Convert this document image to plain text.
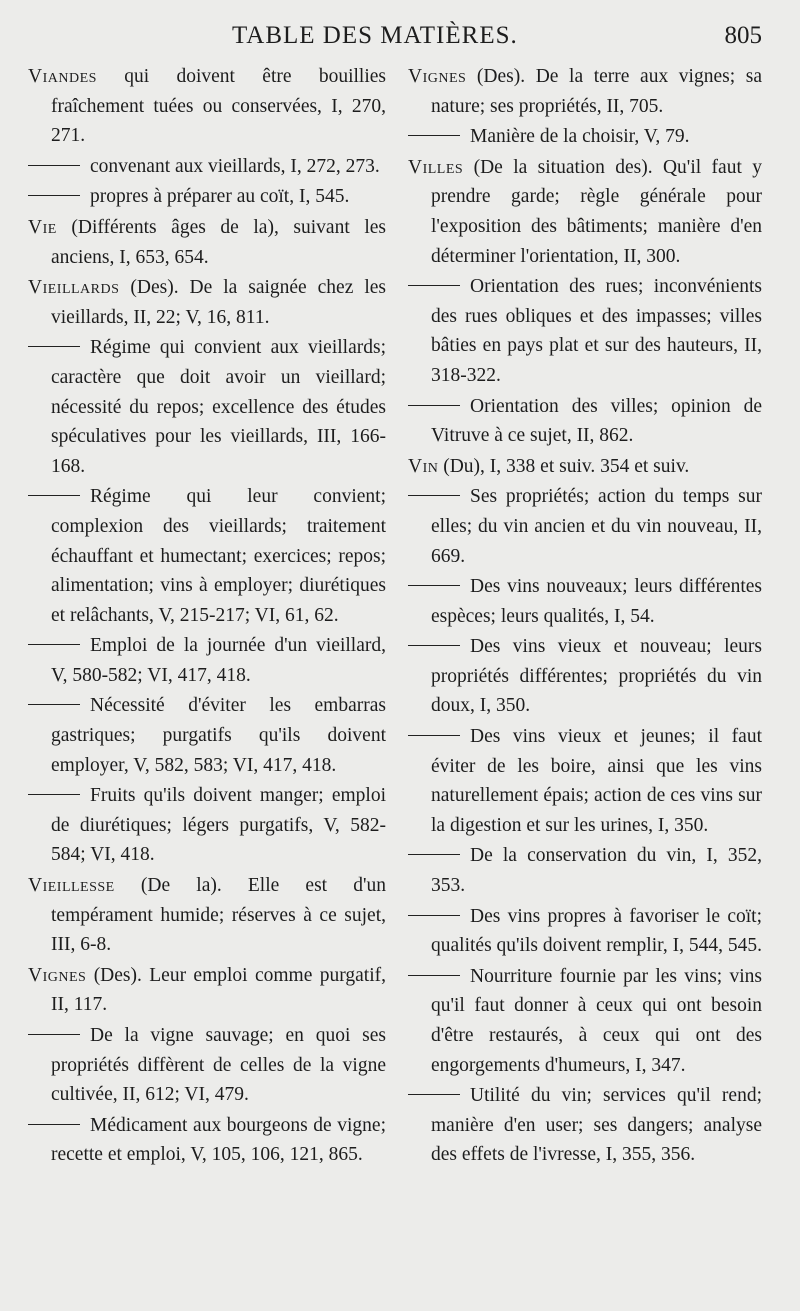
TABLE DES MATIÈRES.	805
Viandes qui doivent être bouillies fraîchement tuées ou conservées, I, 270, 271.
convenant aux vieillards, I, 272, 273.
propres à préparer au coït, I, 545.
Vie (Différents âges de la), suivant les anciens, I, 653, 654.
Vieillards (Des). De la saignée chez les vieillards, II, 22; V, 16, 811.
Régime qui convient aux vieillards; caractère que doit avoir un vieillard; nécessité du repos; excellence des études spéculatives pour les vieillards, III, 166-168.
Régime qui leur convient; complexion des vieillards; traitement échauffant et humectant; exercices; repos; alimentation; vins à employer; diurétiques et relâchants, V, 215-217; VI, 61, 62.
Emploi de la journée d'un vieillard, V, 580-582; VI, 417, 418.
Nécessité d'éviter les embarras gastriques; purgatifs qu'ils doivent employer, V, 582, 583; VI, 417, 418.
Fruits qu'ils doivent manger; emploi de diurétiques; légers purgatifs, V, 582-584; VI, 418.
Vieillesse (De la). Elle est d'un tempérament humide; réserves à ce sujet, III, 6-8.
Vignes (Des). Leur emploi comme purgatif, II, 117.
De la vigne sauvage; en quoi ses propriétés diffèrent de celles de la vigne cultivée, II, 612; VI, 479.
Médicament aux bourgeons de vigne; recette et emploi, V, 105, 106, 121, 865.
Vignes (Des). De la terre aux vignes; sa nature; ses propriétés, II, 705.
Manière de la choisir, V, 79.
Villes (De la situation des). Qu'il faut y prendre garde; règle générale pour l'exposition des bâtiments; manière d'en déterminer l'orientation, II, 300.
Orientation des rues; inconvénients des rues obliques et des impasses; villes bâties en pays plat et sur des hauteurs, II, 318-322.
Orientation des villes; opinion de Vitruve à ce sujet, II, 862.
Vin (Du), I, 338 et suiv. 354 et suiv.
Ses propriétés; action du temps sur elles; du vin ancien et du vin nouveau, II, 669.
Des vins nouveaux; leurs différentes espèces; leurs qualités, I, 54.
Des vins vieux et nouveau; leurs propriétés différentes; propriétés du vin doux, I, 350.
Des vins vieux et jeunes; il faut éviter de les boire, ainsi que les vins naturellement épais; action de ces vins sur la digestion et sur les urines, I, 350.
De la conservation du vin, I, 352, 353.
Des vins propres à favoriser le coït; qualités qu'ils doivent remplir, I, 544, 545.
Nourriture fournie par les vins; vins qu'il faut donner à ceux qui ont besoin d'être restaurés, à ceux qui ont des engorgements d'humeurs, I, 347.
Utilité du vin; services qu'il rend; manière d'en user; ses dangers; analyse des effets de l'ivresse, I, 355, 356.
